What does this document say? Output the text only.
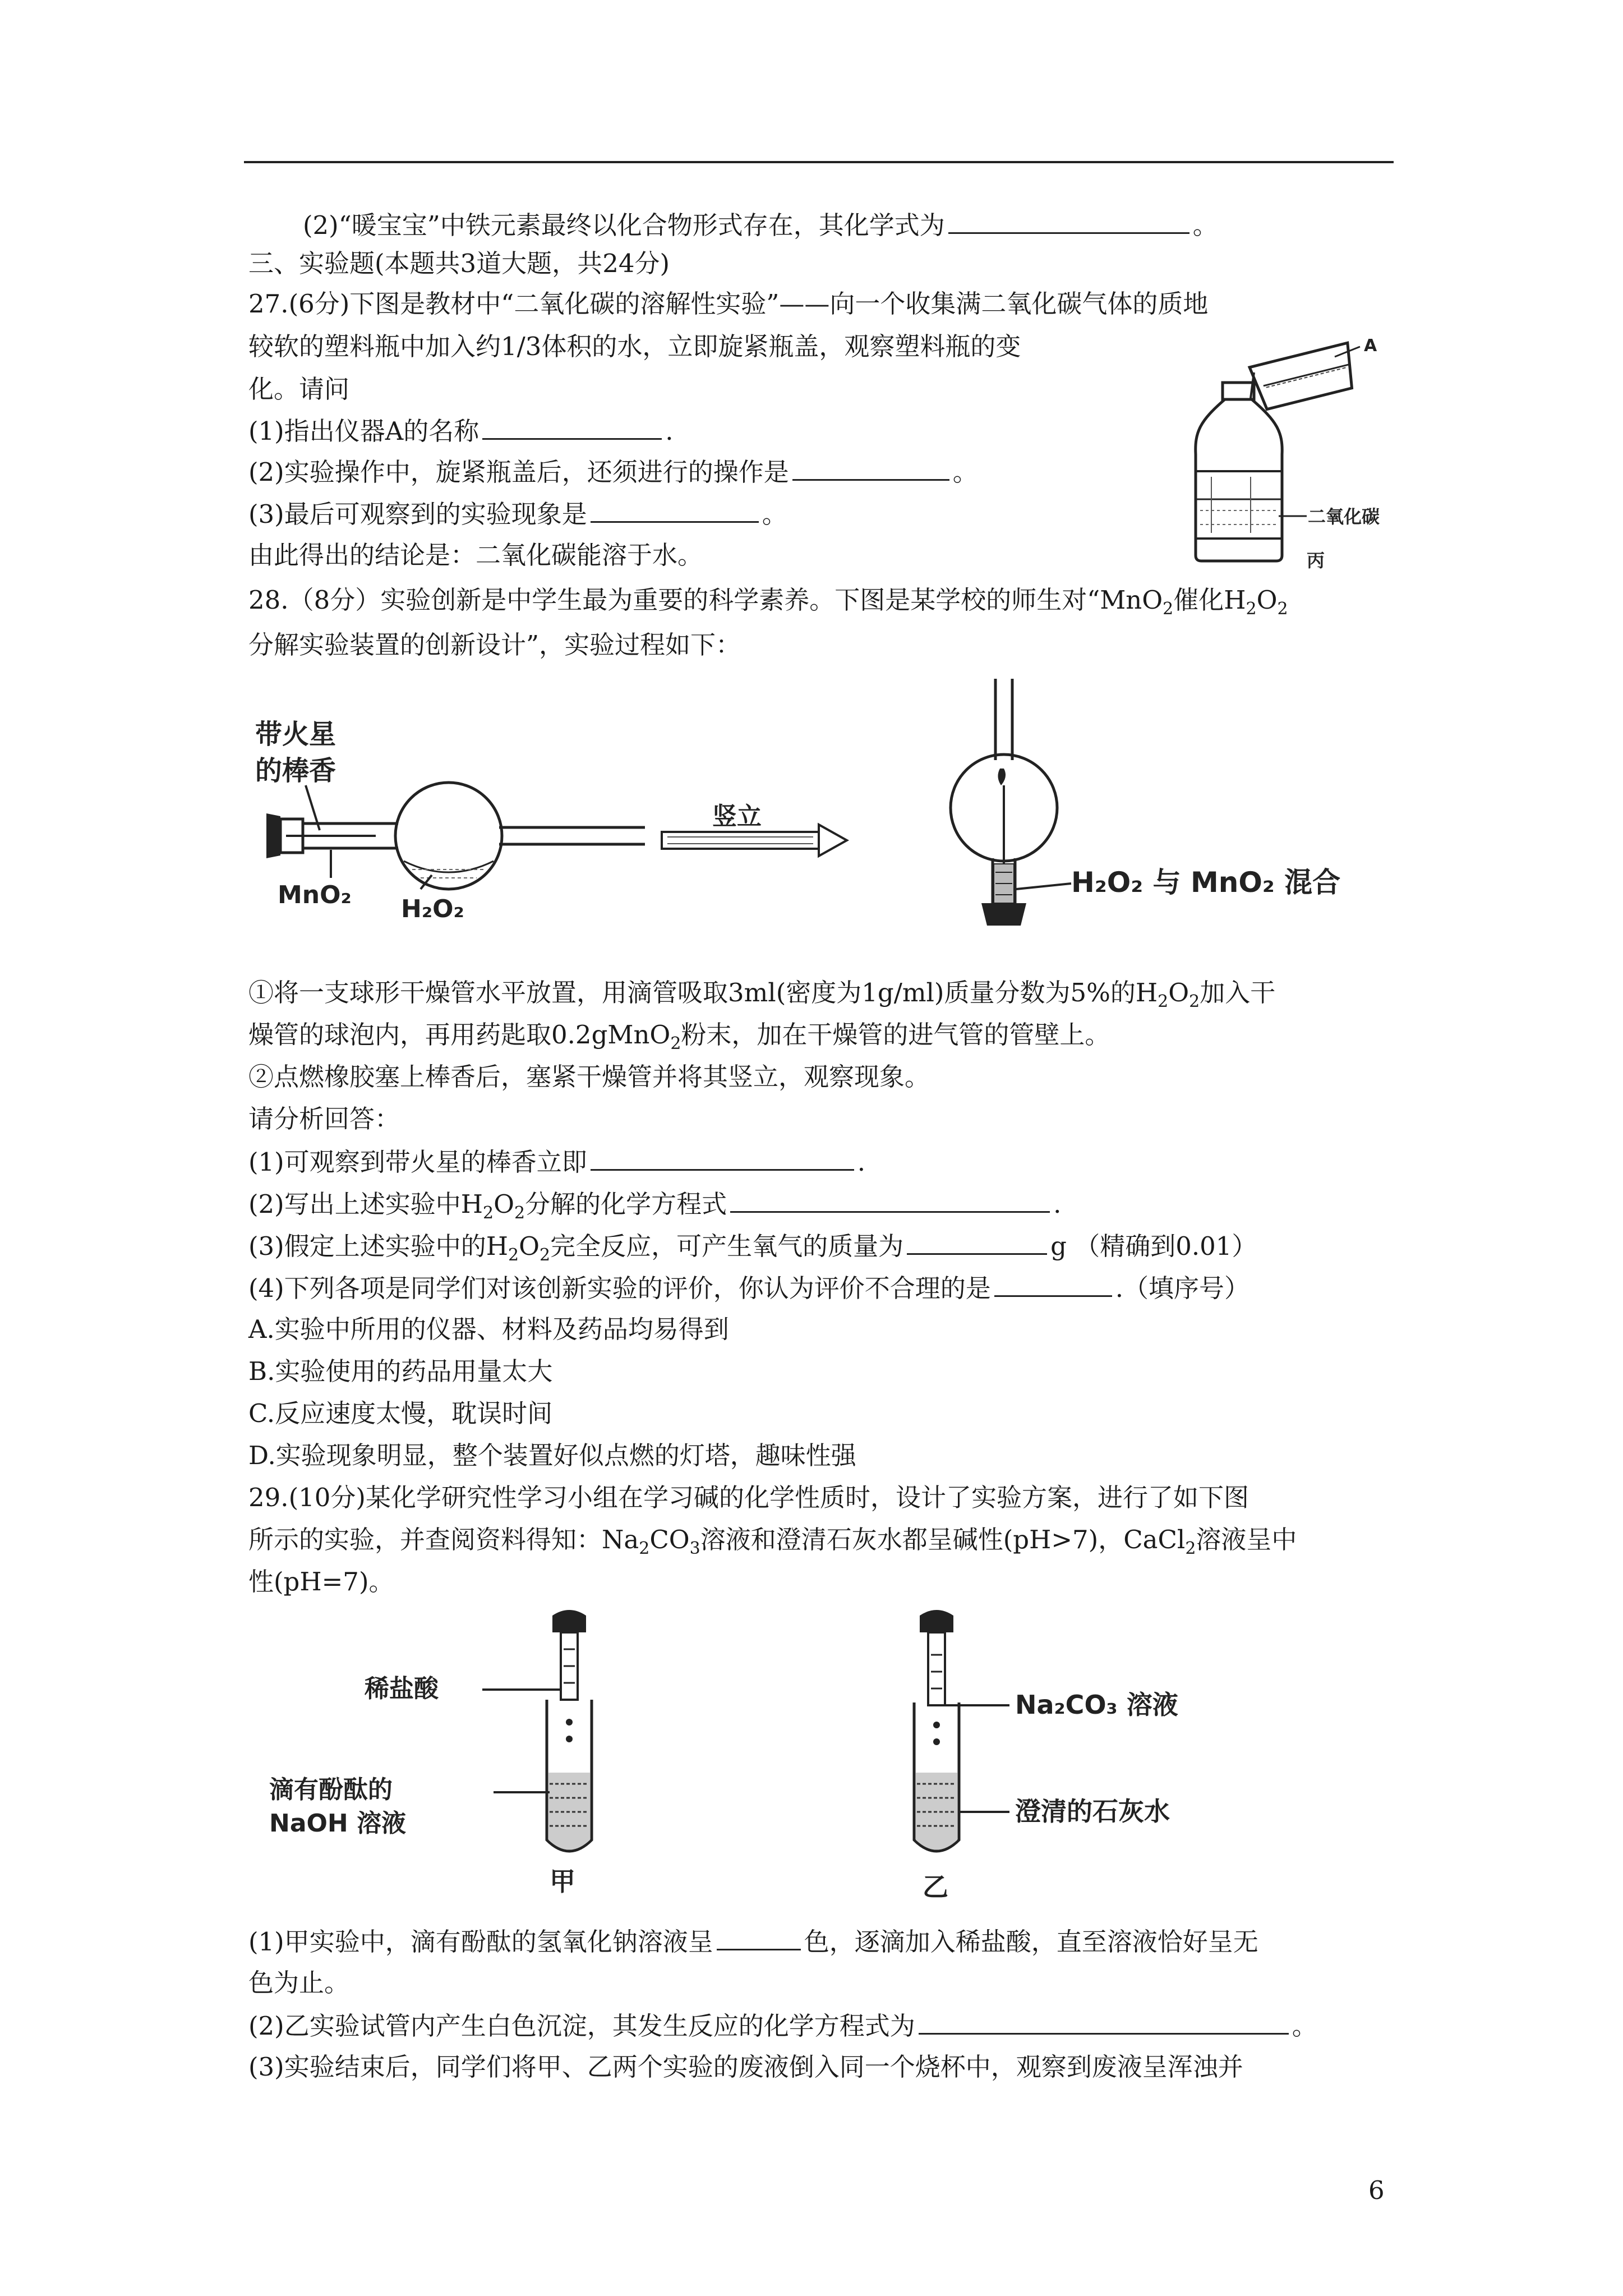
(2)“暖宝宝”中铁元素最终以化合物形式存在，其化学式为	。
三、实验题(本题共3道大题，共24分)
27.(6分)下图是教材中“二氧化碳的溶解性实验”——向一个收集满二氧化碳气体的质地
较软的塑料瓶中加入约1/3体积的水，立即旋紧瓶盖，观察塑料瓶的变
化。请问
(1)指出仪器A的名称	.
(2)实验操作中，旋紧瓶盖后，还须进行的操作是	。
(3)最后可观察到的实验现象是	。
由此得出的结论是：二氧化碳能溶于水。
A
二氧化碳
丙
28.（8分）实验创新是中学生最为重要的科学素养。下图是某学校的师生对“MnO$_2$催化$H_2O_2$
分解实验装置的创新设计”，实验过程如下：
带火星
的棒香
MnO₂ H₂O₂
竖立
H₂O₂ 与 MnO₂ 混合
①将一支球形干燥管水平放置，用滴管吸取3ml(密度为1g/ml)质量分数为5%的$H_2O_2$加入干
燥管的球泡内，再用药匙取0.2gMnO$_2$粉末，加在干燥管的进气管的管壁上。
②点燃橡胶塞上棒香后，塞紧干燥管并将其竖立，观察现象。
请分析回答：
(1)可观察到带火星的棒香立即	.
(2)写出上述实验中$H_2O_2$分解的化学方程式	.
(3)假定上述实验中的$H_2O_2$完全反应，可产生氧气的质量为	g （精确到0.01）
(4)下列各项是同学们对该创新实验的评价，你认为评价不合理的是	.（填序号）
A.实验中所用的仪器、材料及药品均易得到
B.实验使用的药品用量太大
C.反应速度太慢，耽误时间
D.实验现象明显，整个装置好似点燃的灯塔，趣味性强
29.(10分)某化学研究性学习小组在学习碱的化学性质时，设计了实验方案，进行了如下图
所示的实验，并查阅资料得知：$Na_2CO_3$溶液和澄清石灰水都呈碱性(pH>7)，CaCl$_2$溶液呈中
性(pH=7)。
稀盐酸
滴有酚酞的
NaOH 溶液
甲
Na₂CO₃ 溶液
澄清的石灰水
乙
(1)甲实验中，滴有酚酞的氢氧化钠溶液呈	色，逐滴加入稀盐酸，直至溶液恰好呈无
色为止。
(2)乙实验试管内产生白色沉淀，其发生反应的化学方程式为	。
(3)实验结束后，同学们将甲、乙两个实验的废液倒入同一个烧杯中，观察到废液呈浑浊并
6
